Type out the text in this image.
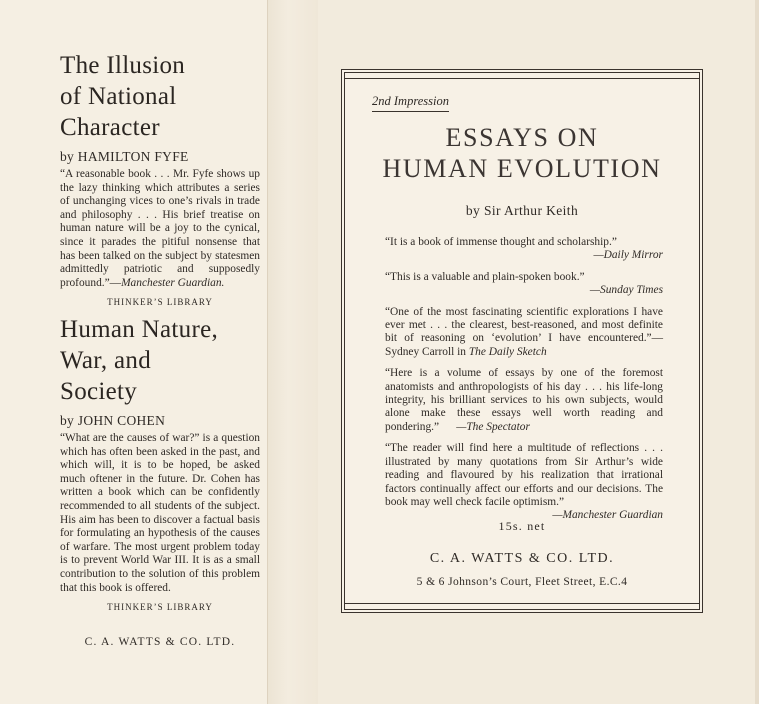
The Illusion
of National
Character

by HAMILTON FYFE

“A reasonable book . . . Mr. Fyfe shows up the lazy thinking which attributes a series of unchanging vices to one’s rivals in trade and philosophy . . . His brief treatise on human nature will be a joy to the cynical, since it parades the pitiful nonsense that has been talked on the subject by statesmen admittedly patriotic and supposedly profound.”—Manchester Guardian.

THINKER’S LIBRARY

Human Nature,
War, and
Society

by JOHN COHEN

“What are the causes of war?” is a question which has often been asked in the past, and which will, it is to be hoped, be asked much oftener in the future. Dr. Cohen has written a book which can be confidently recommended to all students of the subject. His aim has been to discover a factual basis for formulating an hypothesis of the causes of warfare. The most urgent problem today is to prevent World War III. It is as a small contribution to the solution of this problem that this book is offered.

THINKER’S LIBRARY

C. A. WATTS & CO. LTD.
2nd Impression
ESSAYS ON
HUMAN EVOLUTION
by Sir Arthur Keith

“It is a book of immense thought and scholarship.”

—Daily Mirror

“This is a valuable and plain-spoken book.”

—Sunday Times

“One of the most fascinating scientific explorations I have ever met . . . the clearest, best-reasoned, and most definite bit of reasoning on ‘evolution’ I have encountered.”—Sydney Carroll in The Daily Sketch

“Here is a volume of essays by one of the foremost anatomists and anthropologists of his day . . . his life-long integrity, his brilliant services to his own subjects, would alone make these essays well worth reading and pondering.” —The Spectator

“The reader will find here a multitude of reflections . . . illustrated by many quotations from Sir Arthur’s wide reading and flavoured by his realization that irrational factors continually affect our efforts and our decisions. The book may well check facile optimism.”

—Manchester Guardian

15s. net
C. A. WATTS & CO. LTD.
5 & 6 Johnson’s Court, Fleet Street, E.C.4
